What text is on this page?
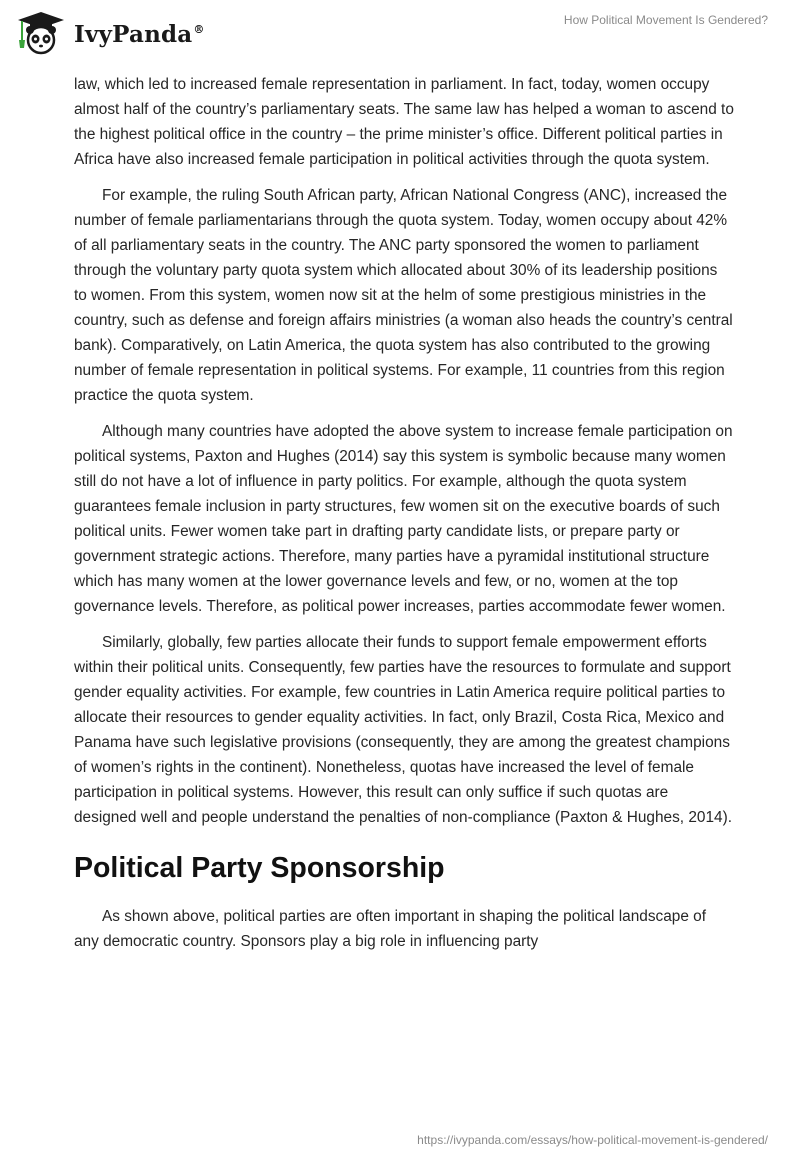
IvyPanda®
How Political Movement Is Gendered?

law, which led to increased female representation in parliament. In fact, today, women occupy almost half of the country’s parliamentary seats. The same law has helped a woman to ascend to the highest political office in the country – the prime minister’s office. Different political parties in Africa have also increased female participation in political activities through the quota system.

For example, the ruling South African party, African National Congress (ANC), increased the number of female parliamentarians through the quota system. Today, women occupy about 42% of all parliamentary seats in the country. The ANC party sponsored the women to parliament through the voluntary party quota system which allocated about 30% of its leadership positions to women. From this system, women now sit at the helm of some prestigious ministries in the country, such as defense and foreign affairs ministries (a woman also heads the country’s central bank). Comparatively, on Latin America, the quota system has also contributed to the growing number of female representation in political systems. For example, 11 countries from this region practice the quota system.

Although many countries have adopted the above system to increase female participation on political systems, Paxton and Hughes (2014) say this system is symbolic because many women still do not have a lot of influence in party politics. For example, although the quota system guarantees female inclusion in party structures, few women sit on the executive boards of such political units. Fewer women take part in drafting party candidate lists, or prepare party or government strategic actions. Therefore, many parties have a pyramidal institutional structure which has many women at the lower governance levels and few, or no, women at the top governance levels. Therefore, as political power increases, parties accommodate fewer women.

Similarly, globally, few parties allocate their funds to support female empowerment efforts within their political units. Consequently, few parties have the resources to formulate and support gender equality activities. For example, few countries in Latin America require political parties to allocate their resources to gender equality activities. In fact, only Brazil, Costa Rica, Mexico and Panama have such legislative provisions (consequently, they are among the greatest champions of women’s rights in the continent). Nonetheless, quotas have increased the level of female participation in political systems. However, this result can only suffice if such quotas are designed well and people understand the penalties of non-compliance (Paxton & Hughes, 2014).

Political Party Sponsorship

As shown above, political parties are often important in shaping the political landscape of any democratic country. Sponsors play a big role in influencing party

https://ivypanda.com/essays/how-political-movement-is-gendered/
